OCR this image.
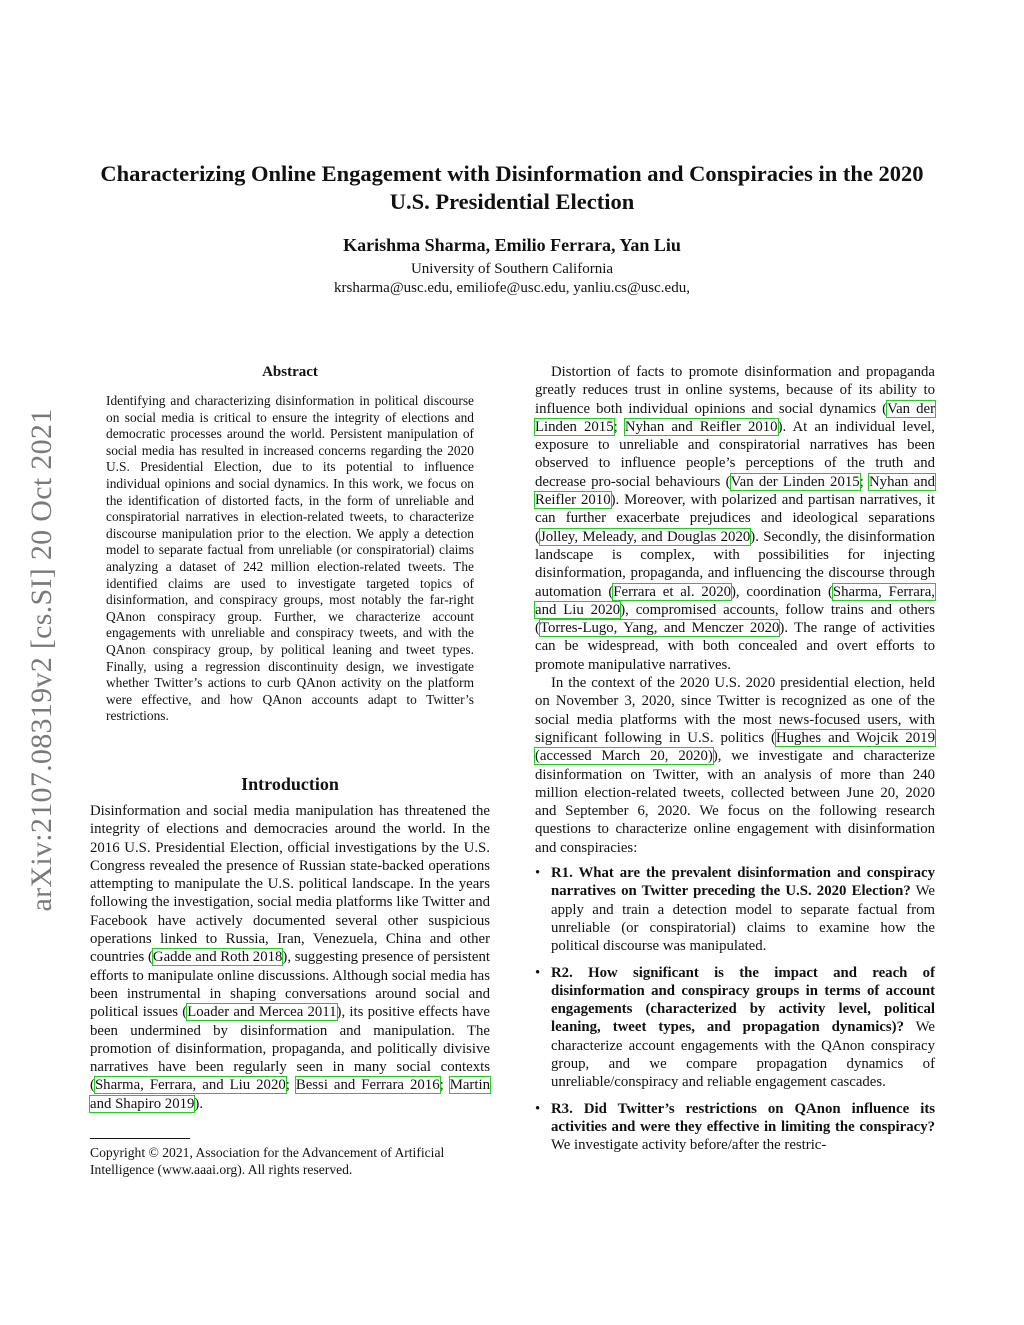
arXiv:2107.08319v2 [cs.SI] 20 Oct 2021
Characterizing Online Engagement with Disinformation and Conspiracies in the 2020 U.S. Presidential Election
Karishma Sharma, Emilio Ferrara, Yan Liu
University of Southern California
krsharma@usc.edu, emiliofe@usc.edu, yanliu.cs@usc.edu,
Abstract

Identifying and characterizing disinformation in political discourse on social media is critical to ensure the integrity of elections and democratic processes around the world. Persistent manipulation of social media has resulted in increased concerns regarding the 2020 U.S. Presidential Election, due to its potential to influence individual opinions and social dynamics. In this work, we focus on the identification of distorted facts, in the form of unreliable and conspiratorial narratives in election-related tweets, to characterize discourse manipulation prior to the election. We apply a detection model to separate factual from unreliable (or conspiratorial) claims analyzing a dataset of 242 million election-related tweets. The identified claims are used to investigate targeted topics of disinformation, and conspiracy groups, most notably the far-right QAnon conspiracy group. Further, we characterize account engagements with unreliable and conspiracy tweets, and with the QAnon conspiracy group, by political leaning and tweet types. Finally, using a regression discontinuity design, we investigate whether Twitter’s actions to curb QAnon activity on the platform were effective, and how QAnon accounts adapt to Twitter’s restrictions.

Introduction

Disinformation and social media manipulation has threatened the integrity of elections and democracies around the world. In the 2016 U.S. Presidential Election, official investigations by the U.S. Congress revealed the presence of Russian state-backed operations attempting to manipulate the U.S. political landscape. In the years following the investigation, social media platforms like Twitter and Facebook have actively documented several other suspicious operations linked to Russia, Iran, Venezuela, China and other countries (Gadde and Roth 2018), suggesting presence of persistent efforts to manipulate online discussions. Although social media has been instrumental in shaping conversations around social and political issues (Loader and Mercea 2011), its positive effects have been undermined by disinformation and manipulation. The promotion of disinformation, propaganda, and politically divisive narratives have been regularly seen in many social contexts (Sharma, Ferrara, and Liu 2020; Bessi and Ferrara 2016; Martin and Shapiro 2019).

Copyright © 2021, Association for the Advancement of Artificial Intelligence (www.aaai.org). All rights reserved.

Distortion of facts to promote disinformation and propaganda greatly reduces trust in online systems, because of its ability to influence both individual opinions and social dynamics (Van der Linden 2015; Nyhan and Reifler 2010). At an individual level, exposure to unreliable and conspiratorial narratives has been observed to influence people’s perceptions of the truth and decrease pro-social behaviours (Van der Linden 2015; Nyhan and Reifler 2010). Moreover, with polarized and partisan narratives, it can further exacerbate prejudices and ideological separations (Jolley, Meleady, and Douglas 2020). Secondly, the disinformation landscape is complex, with possibilities for injecting disinformation, propaganda, and influencing the discourse through automation (Ferrara et al. 2020), coordination (Sharma, Ferrara, and Liu 2020), compromised accounts, follow trains and others (Torres-Lugo, Yang, and Menczer 2020). The range of activities can be widespread, with both concealed and overt efforts to promote manipulative narratives.

In the context of the 2020 U.S. 2020 presidential election, held on November 3, 2020, since Twitter is recognized as one of the social media platforms with the most news-focused users, with significant following in U.S. politics (Hughes and Wojcik 2019 (accessed March 20, 2020)), we investigate and characterize disinformation on Twitter, with an analysis of more than 240 million election-related tweets, collected between June 20, 2020 and September 6, 2020. We focus on the following research questions to characterize online engagement with disinformation and conspiracies:

• R1. What are the prevalent disinformation and conspiracy narratives on Twitter preceding the U.S. 2020 Election? We apply and train a detection model to separate factual from unreliable (or conspiratorial) claims to examine how the political discourse was manipulated.
• R2. How significant is the impact and reach of disinformation and conspiracy groups in terms of account engagements (characterized by activity level, political leaning, tweet types, and propagation dynamics)? We characterize account engagements with the QAnon conspiracy group, and we compare propagation dynamics of unreliable/conspiracy and reliable engagement cascades.
• R3. Did Twitter’s restrictions on QAnon influence its activities and were they effective in limiting the conspiracy? We investigate activity before/after the restric-
